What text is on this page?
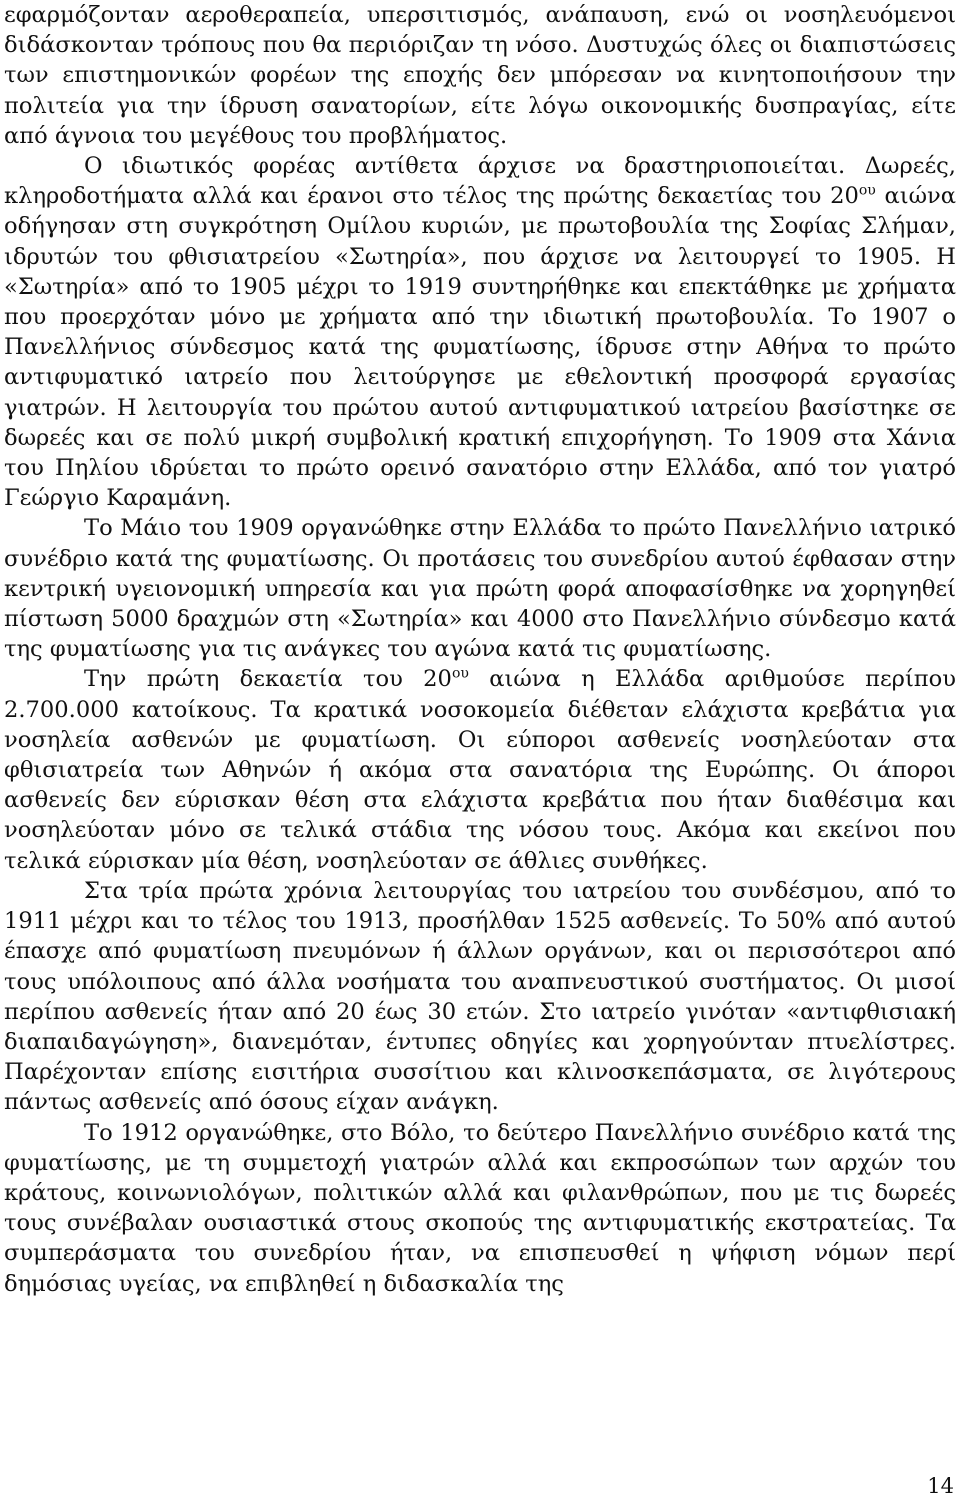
εφαρμόζονταν αεροθεραπεία, υπερσιτισμός, ανάπαυση, ενώ οι νοσηλευόμενοι διδάσκονταν τρόπους που θα περιόριζαν τη νόσο. Δυστυχώς όλες οι διαπιστώσεις των επιστημονικών φορέων της εποχής δεν μπόρεσαν να κινητοποιήσουν την πολιτεία για την ίδρυση σανατορίων, είτε λόγω οικονομικής δυσπραγίας, είτε από άγνοια του μεγέθους του προβλήματος.

Ο ιδιωτικός φορέας αντίθετα άρχισε να δραστηριοποιείται. Δωρεές, κληροδοτήματα αλλά και έρανοι στο τέλος της πρώτης δεκαετίας του $20^{o\upsilon}$ αιώνα οδήγησαν στη συγκρότηση Ομίλου κυριών, με πρωτοβουλία της Σοφίας Σλήμαν, ιδρυτών του φθισιατρείου «Σωτηρία», που άρχισε να λειτουργεί το 1905. Η «Σωτηρία» από το 1905 μέχρι το 1919 συντηρήθηκε και επεκτάθηκε με χρήματα που προερχόταν μόνο με χρήματα από την ιδιωτική πρωτοβουλία. Το 1907 ο Πανελλήνιος σύνδεσμος κατά της φυματίωσης, ίδρυσε στην Αθήνα το πρώτο αντιφυματικό ιατρείο που λειτούργησε με εθελοντική προσφορά εργασίας γιατρών. Η λειτουργία του πρώτου αυτού αντιφυματικού ιατρείου βασίστηκε σε δωρεές και σε πολύ μικρή συμβολική κρατική επιχορήγηση. Το 1909 στα Χάνια του Πηλίου ιδρύεται το πρώτο ορεινό σανατόριο στην Ελλάδα, από τον γιατρό Γεώργιο Καραμάνη.

Το Μάιο του 1909 οργανώθηκε στην Ελλάδα το πρώτο Πανελλήνιο ιατρικό συνέδριο κατά της φυματίωσης. Οι προτάσεις του συνεδρίου αυτού έφθασαν στην κεντρική υγειονομική υπηρεσία και για πρώτη φορά αποφασίσθηκε να χορηγηθεί πίστωση 5000 δραχμών στη «Σωτηρία» και 4000 στο Πανελλήνιο σύνδεσμο κατά της φυματίωσης για τις ανάγκες του αγώνα κατά τις φυματίωσης.

Την πρώτη δεκαετία του $20^{o\upsilon}$ αιώνα η Ελλάδα αριθμούσε περίπου 2.700.000 κατοίκους. Τα κρατικά νοσοκομεία διέθεταν ελάχιστα κρεβάτια για νοσηλεία ασθενών με φυματίωση. Οι εύποροι ασθενείς νοσηλεύοταν στα φθισιατρεία των Αθηνών ή ακόμα στα σανατόρια της Ευρώπης. Οι άποροι ασθενείς δεν εύρισκαν θέση στα ελάχιστα κρεβάτια που ήταν διαθέσιμα και νοσηλεύοταν μόνο σε τελικά στάδια της νόσου τους. Ακόμα και εκείνοι που τελικά εύρισκαν μία θέση, νοσηλεύοταν σε άθλιες συνθήκες.

Στα τρία πρώτα χρόνια λειτουργίας του ιατρείου του συνδέσμου, από το 1911 μέχρι και το τέλος του 1913, προσήλθαν 1525 ασθενείς. Το 50% από αυτού έπασχε από φυματίωση πνευμόνων ή άλλων οργάνων, και οι περισσότεροι από τους υπόλοιπους από άλλα νοσήματα του αναπνευστικού συστήματος. Οι μισοί περίπου ασθενείς ήταν από 20 έως 30 ετών. Στο ιατρείο γινόταν «αντιφθισιακή διαπαιδαγώγηση», διανεμόταν, έντυπες οδηγίες και χορηγούνταν πτυελίστρες. Παρέχονταν επίσης εισιτήρια συσσίτιου και κλινοσκεπάσματα, σε λιγότερους πάντως ασθενείς από όσους είχαν ανάγκη.

Το 1912 οργανώθηκε, στο Βόλο, το δεύτερο Πανελλήνιο συνέδριο κατά της φυματίωσης, με τη συμμετοχή γιατρών αλλά και εκπροσώπων των αρχών του κράτους, κοινωνιολόγων, πολιτικών αλλά και φιλανθρώπων, που με τις δωρεές τους συνέβαλαν ουσιαστικά στους σκοπούς της αντιφυματικής εκστρατείας. Τα συμπεράσματα του συνεδρίου ήταν, να επισπευσθεί η ψήφιση νόμων περί δημόσιας υγείας, να επιβληθεί η διδασκαλία της

14
